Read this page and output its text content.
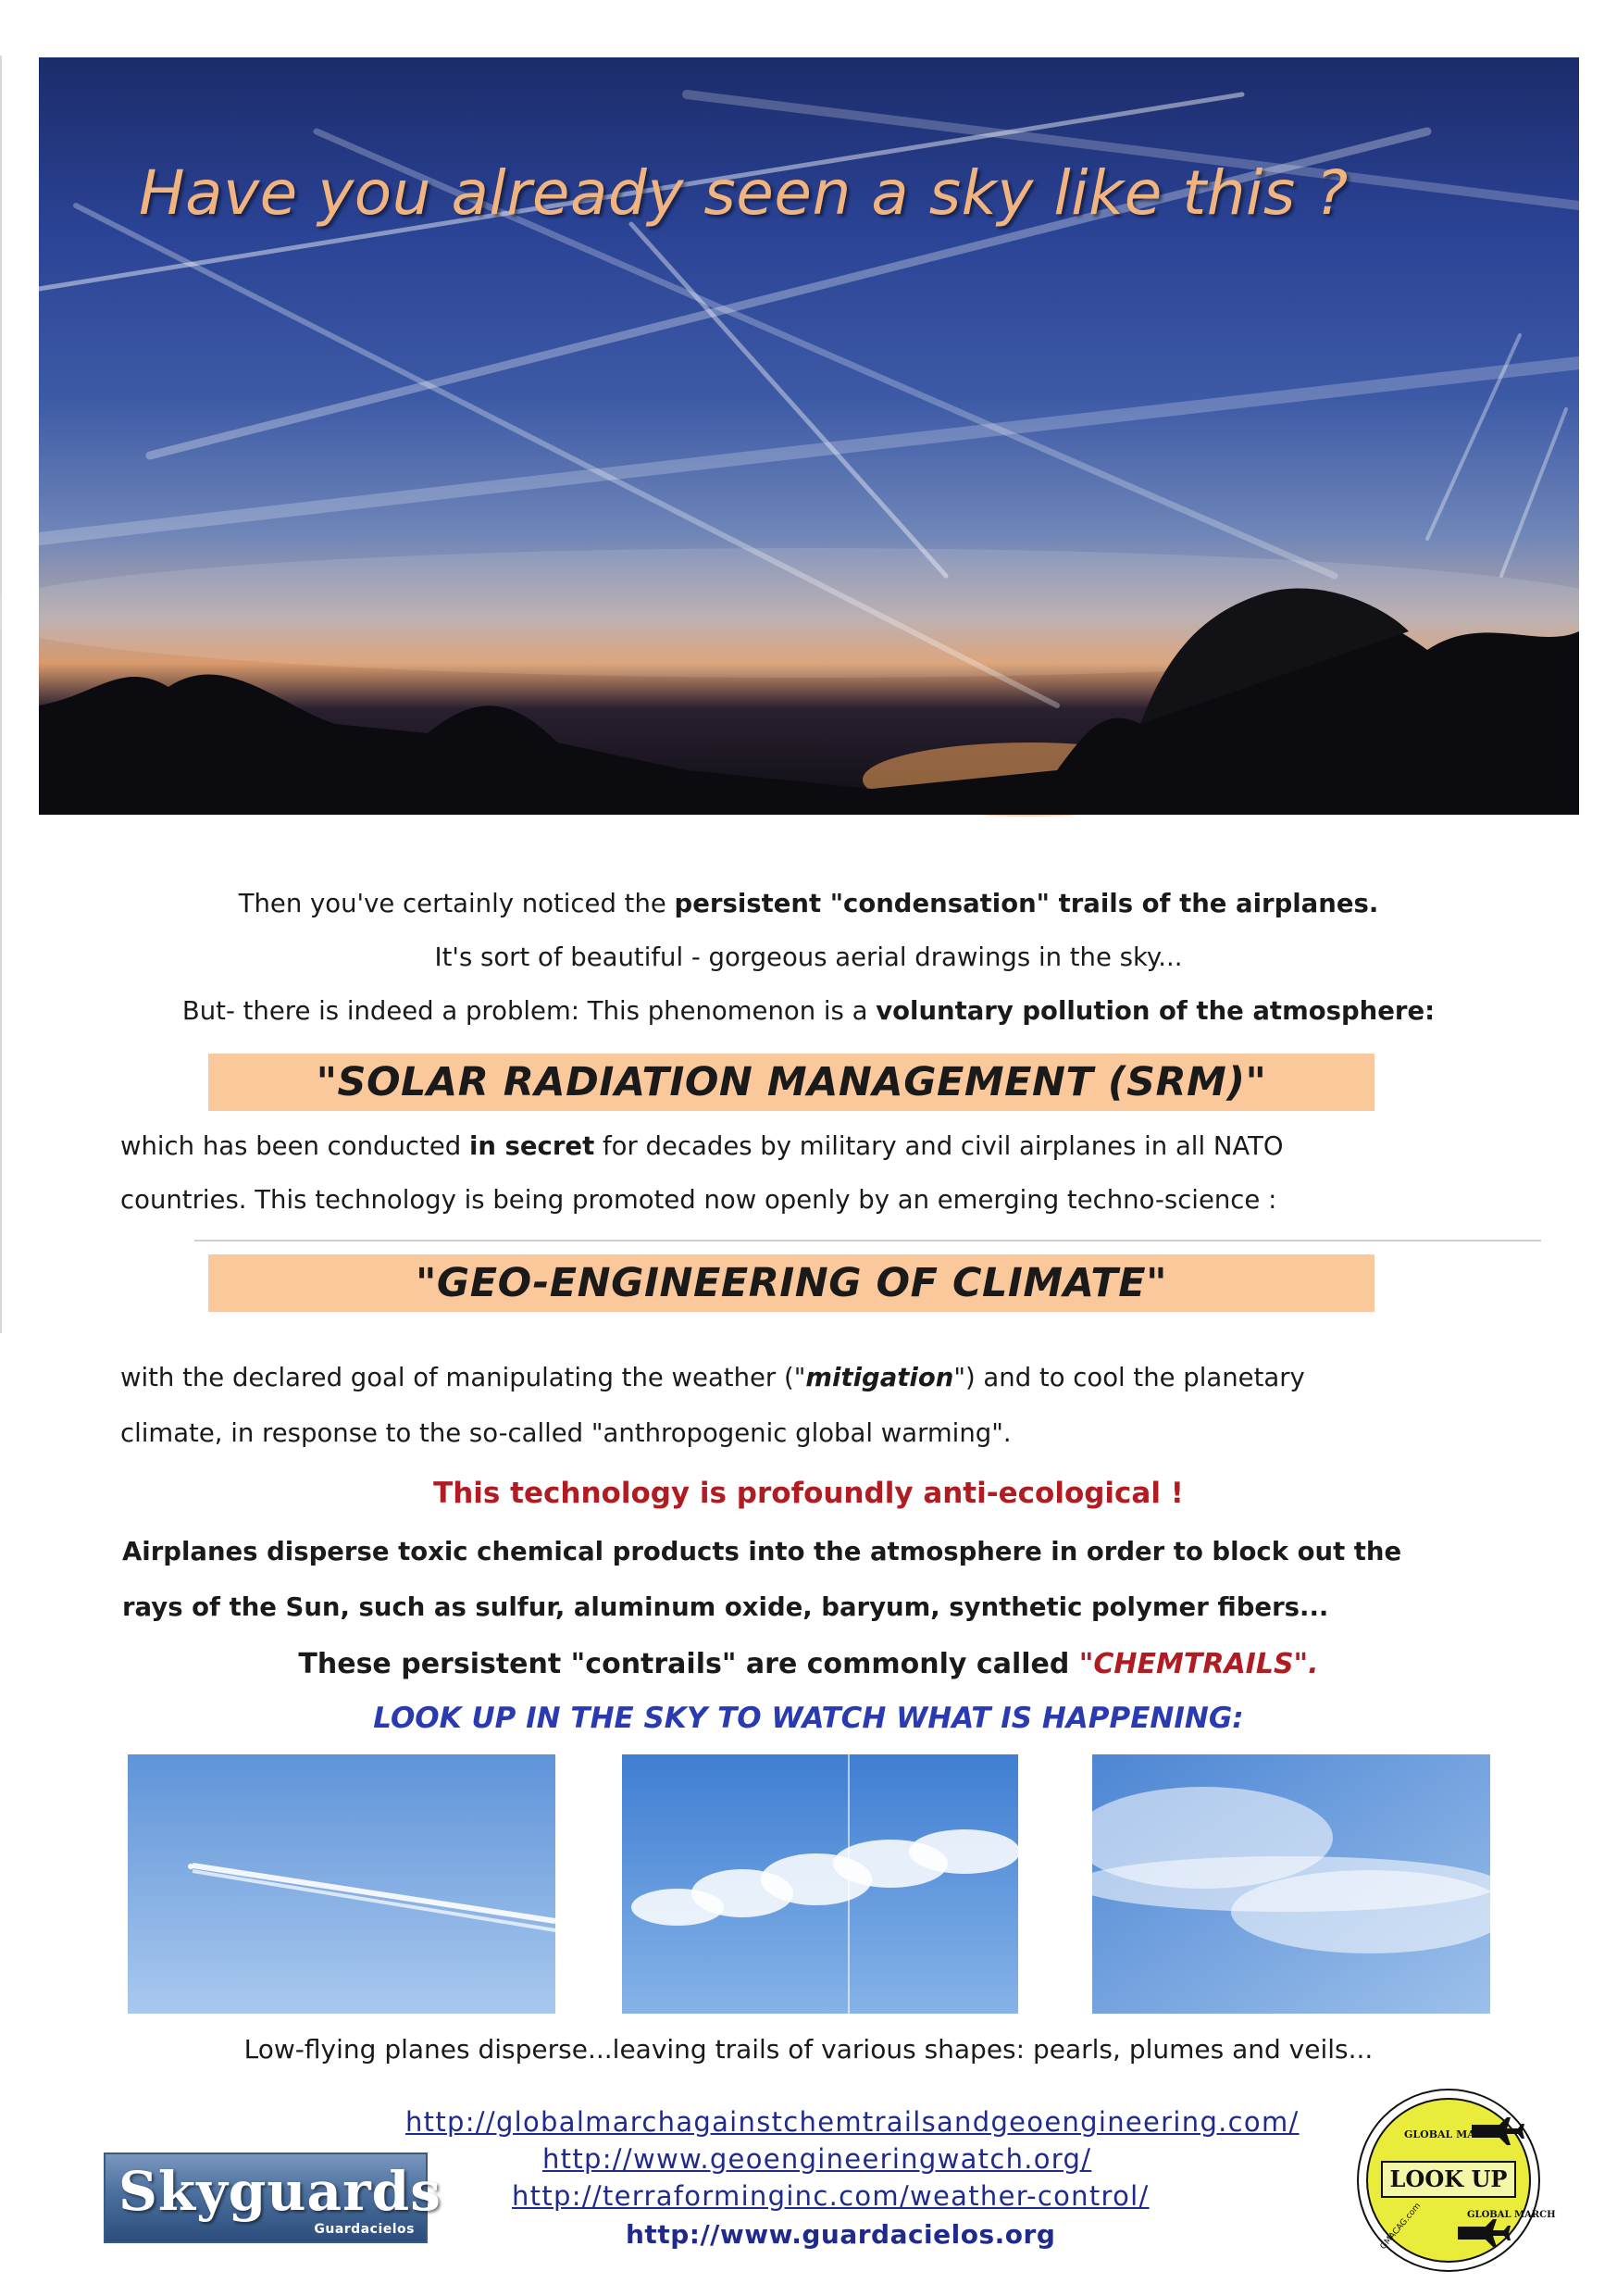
Have you already seen a sky like this ?
Then you've certainly noticed the persistent "condensation" trails of the airplanes.
It's sort of beautiful - gorgeous aerial drawings in the sky...
But- there is indeed a problem: This phenomenon is a voluntary pollution of the atmosphere:
"SOLAR RADIATION MANAGEMENT (SRM)"
which has been conducted in secret for decades by military and civil airplanes in all NATO
countries. This technology is being promoted now openly by an emerging techno-science :
"GEO-ENGINEERING OF CLIMATE"
with the declared goal of manipulating the weather ("mitigation") and to cool the planetary
climate, in response to the so-called "anthropogenic global warming".
This technology is profoundly anti-ecological !
Airplanes disperse toxic chemical products into the atmosphere in order to block out the
rays of the Sun, such as sulfur, aluminum oxide, baryum, synthetic polymer fibers...
These persistent "contrails" are commonly called "CHEMTRAILS".
LOOK UP IN THE SKY TO WATCH WHAT IS HAPPENING:
Low-flying planes disperse...leaving trails of various shapes: pearls, plumes and veils...
http://globalmarchagainstchemtrailsandgeoengineering.com/
http://www.geoengineeringwatch.org/
http://terraforminginc.com/weather-control/
http://www.guardacielos.org
Skyguards
Guardacielos
GLOBAL MARCH
LOOK UP
GLOBAL MARCH
GMACAG.com
